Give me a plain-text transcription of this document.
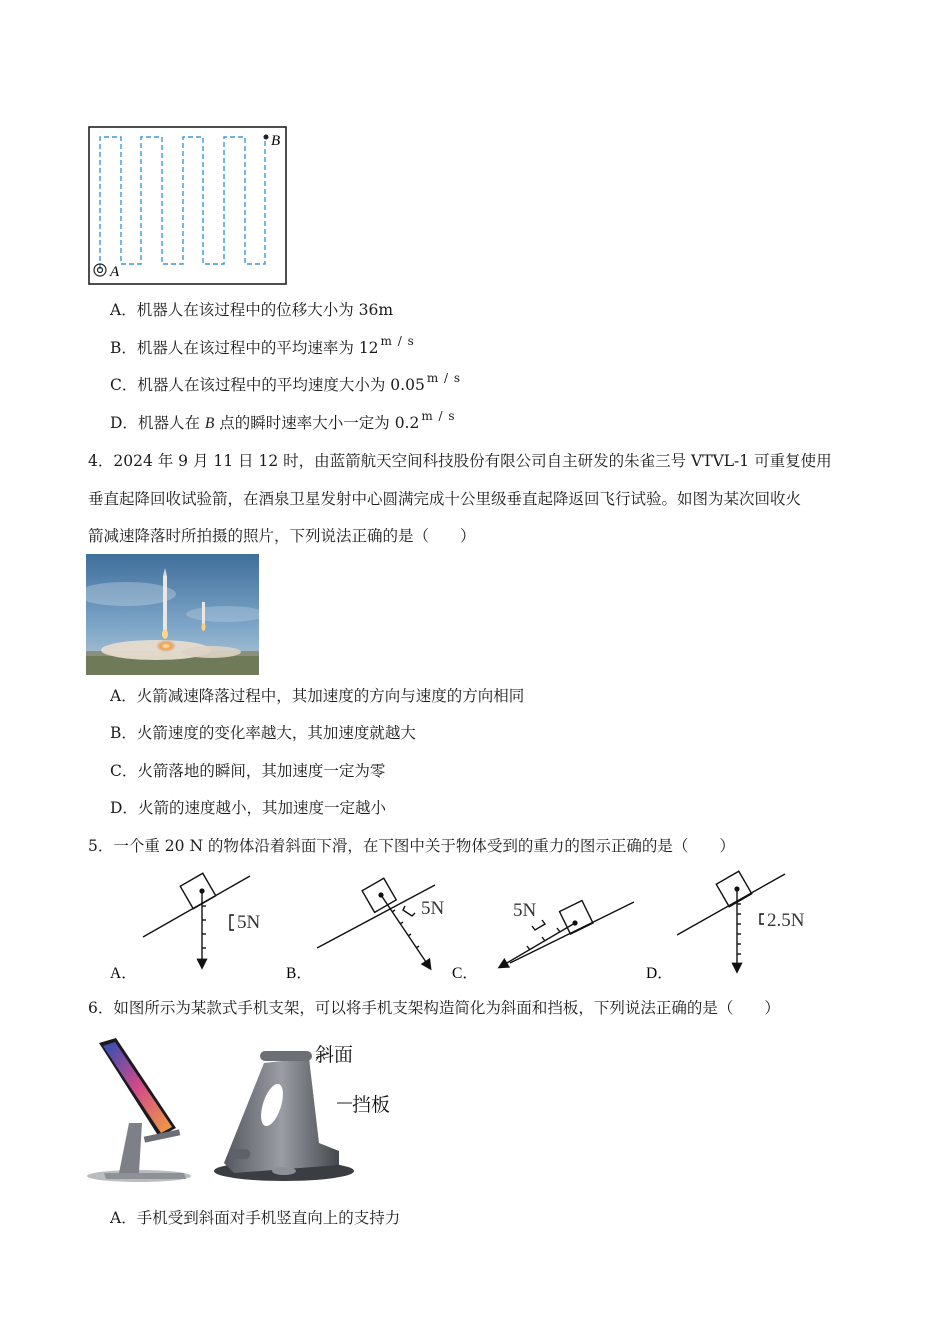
A
B
A．机器人在该过程中的位移大小为 36m
B．机器人在该过程中的平均速率为 12 $^{m / s}$
C．机器人在该过程中的平均速度大小为 0.05 $^{m / s}$
D．机器人在 B 点的瞬时速率大小一定为 0.2 $^{m / s}$
4．2024 年 9 月 11 日 12 时，由蓝箭航天空间科技股份有限公司自主研发的朱雀三号 VTVL-1 可重复使用
垂直起降回收试验箭，在酒泉卫星发射中心圆满完成十公里级垂直起降返回飞行试验。如图为某次回收火
箭减速降落时所拍摄的照片，下列说法正确的是（　　）
A．火箭减速降落过程中，其加速度的方向与速度的方向相同
B．火箭速度的变化率越大，其加速度就越大
C．火箭落地的瞬间，其加速度一定为零
D．火箭的速度越小，其加速度一定越小
5．一个重 20 N 的物体沿着斜面下滑，在下图中关于物体受到的重力的图示正确的是（　　）
5N
5N	5N	2.5N
A．	B．	C．	D．
6．如图所示为某款式手机支架，可以将手机支架构造简化为斜面和挡板，下列说法正确的是（　　）
斜面
挡板
A．手机受到斜面对手机竖直向上的支持力
